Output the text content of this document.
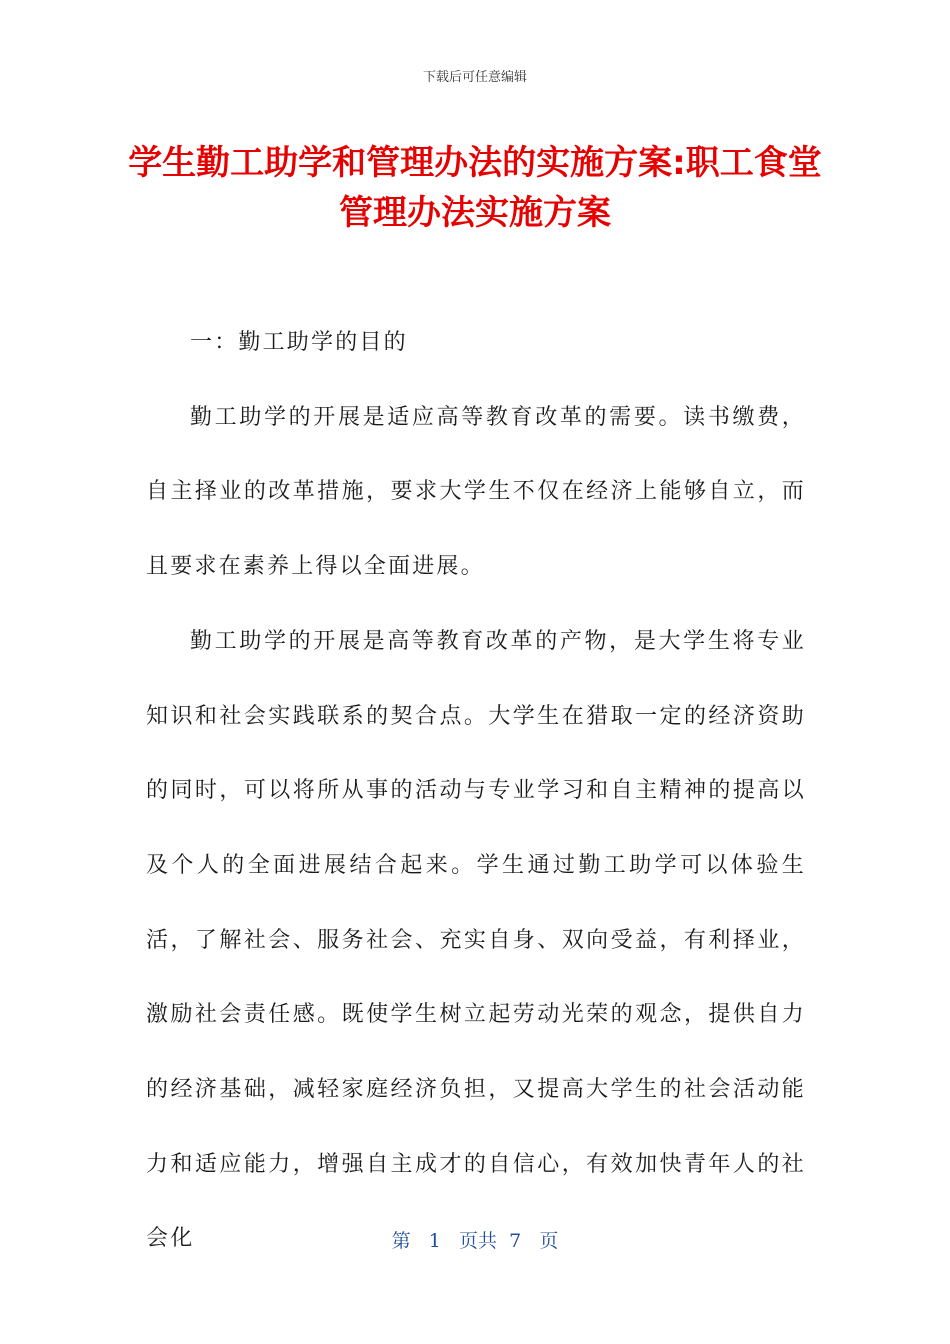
下载后可任意编辑
学生勤工助学和管理办法的实施方案:职工食堂管理办法实施方案

一：勤工助学的目的

勤工助学的开展是适应高等教育改革的需要。读书缴费，自主择业的改革措施，要求大学生不仅在经济上能够自立，而且要求在素养上得以全面进展。

勤工助学的开展是高等教育改革的产物，是大学生将专业知识和社会实践联系的契合点。大学生在猎取一定的经济资助的同时，可以将所从事的活动与专业学习和自主精神的提高以及个人的全面进展结合起来。学生通过勤工助学可以体验生活，了解社会、服务社会、充实自身、双向受益，有利择业，激励社会责任感。既使学生树立起劳动光荣的观念，提供自力的经济基础，减轻家庭经济负担，又提高大学生的社会活动能力和适应能力，增强自主成才的自信心，有效加快青年人的社会化	第 1 页共 7 页
